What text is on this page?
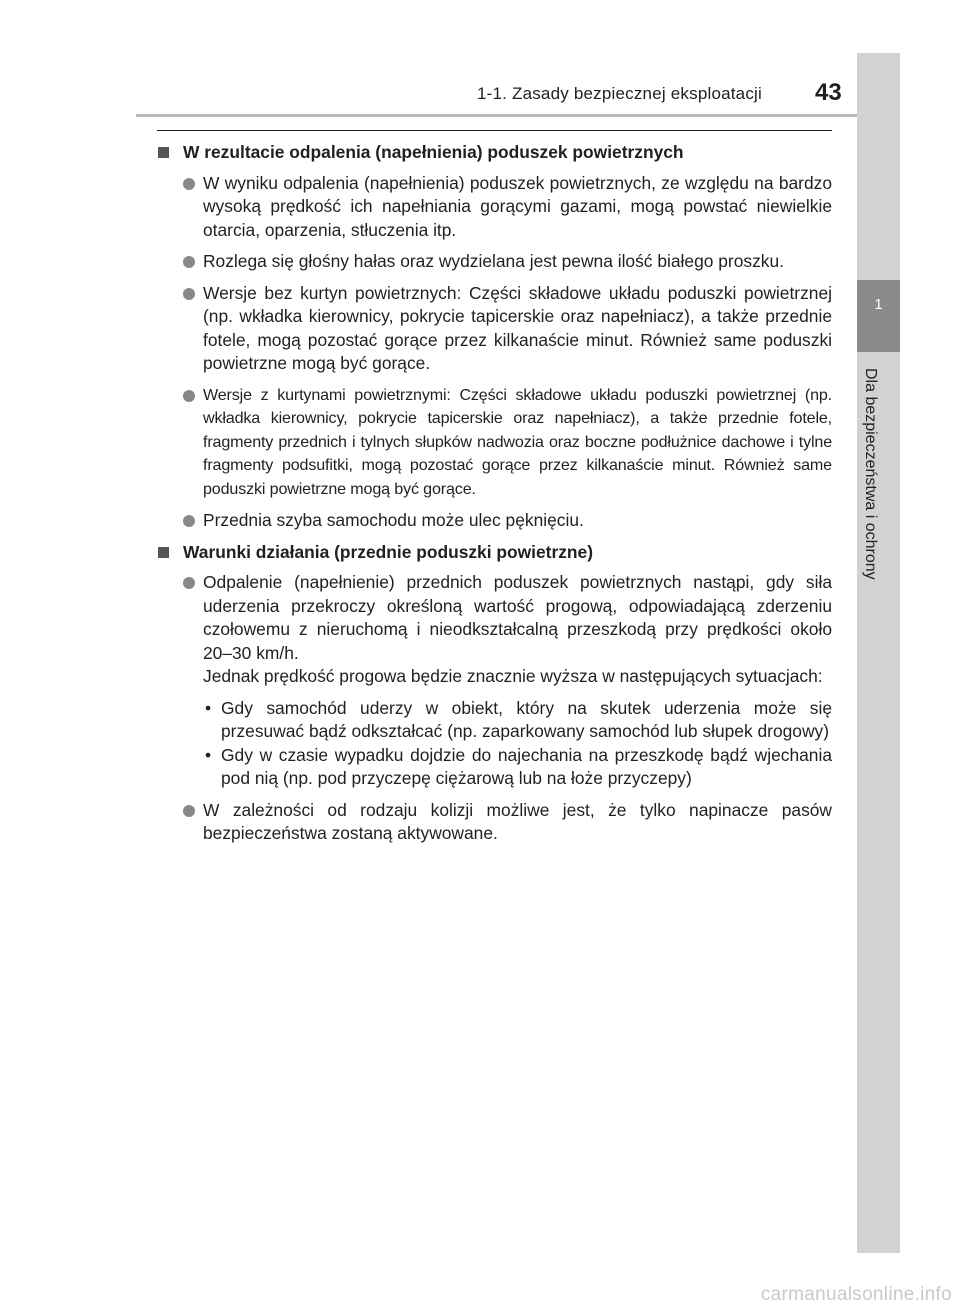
1-1. Zasady bezpiecznej eksploatacji 43
1
Dla bezpieczeństwa i ochrony
W rezultacie odpalenia (napełnienia) poduszek powietrznych
W wyniku odpalenia (napełnienia) poduszek powietrznych, ze względu na bardzo wysoką prędkość ich napełniania gorącymi gazami, mogą powstać niewielkie otarcia, oparzenia, stłuczenia itp.
Rozlega się głośny hałas oraz wydzielana jest pewna ilość białego proszku.
Wersje bez kurtyn powietrznych: Części składowe układu poduszki powietrznej (np. wkładka kierownicy, pokrycie tapicerskie oraz napełniacz), a także przednie fotele, mogą pozostać gorące przez kilkanaście minut. Również same poduszki powietrzne mogą być gorące.
Wersje z kurtynami powietrznymi: Części składowe układu poduszki powietrznej (np. wkładka kierownicy, pokrycie tapicerskie oraz napełniacz), a także przednie fotele, fragmenty przednich i tylnych słupków nadwozia oraz boczne podłużnice dachowe i tylne fragmenty podsufitki, mogą pozostać gorące przez kilkanaście minut. Również same poduszki powietrzne mogą być gorące.
Przednia szyba samochodu może ulec pęknięciu.
Warunki działania (przednie poduszki powietrzne)
Odpalenie (napełnienie) przednich poduszek powietrznych nastąpi, gdy siła uderzenia przekroczy określoną wartość progową, odpowiadającą zderzeniu czołowemu z nieruchomą i nieodkształcalną przeszkodą przy prędkości około 20–30 km/h.
Jednak prędkość progowa będzie znacznie wyższa w następujących sytuacjach:
• Gdy samochód uderzy w obiekt, który na skutek uderzenia może się przesuwać bądź odkształcać (np. zaparkowany samochód lub słupek drogowy)
• Gdy w czasie wypadku dojdzie do najechania na przeszkodę bądź wjechania pod nią (np. pod przyczepę ciężarową lub na łoże przyczepy)
W zależności od rodzaju kolizji możliwe jest, że tylko napinacze pasów bezpieczeństwa zostaną aktywowane.
carmanualsonline.info
